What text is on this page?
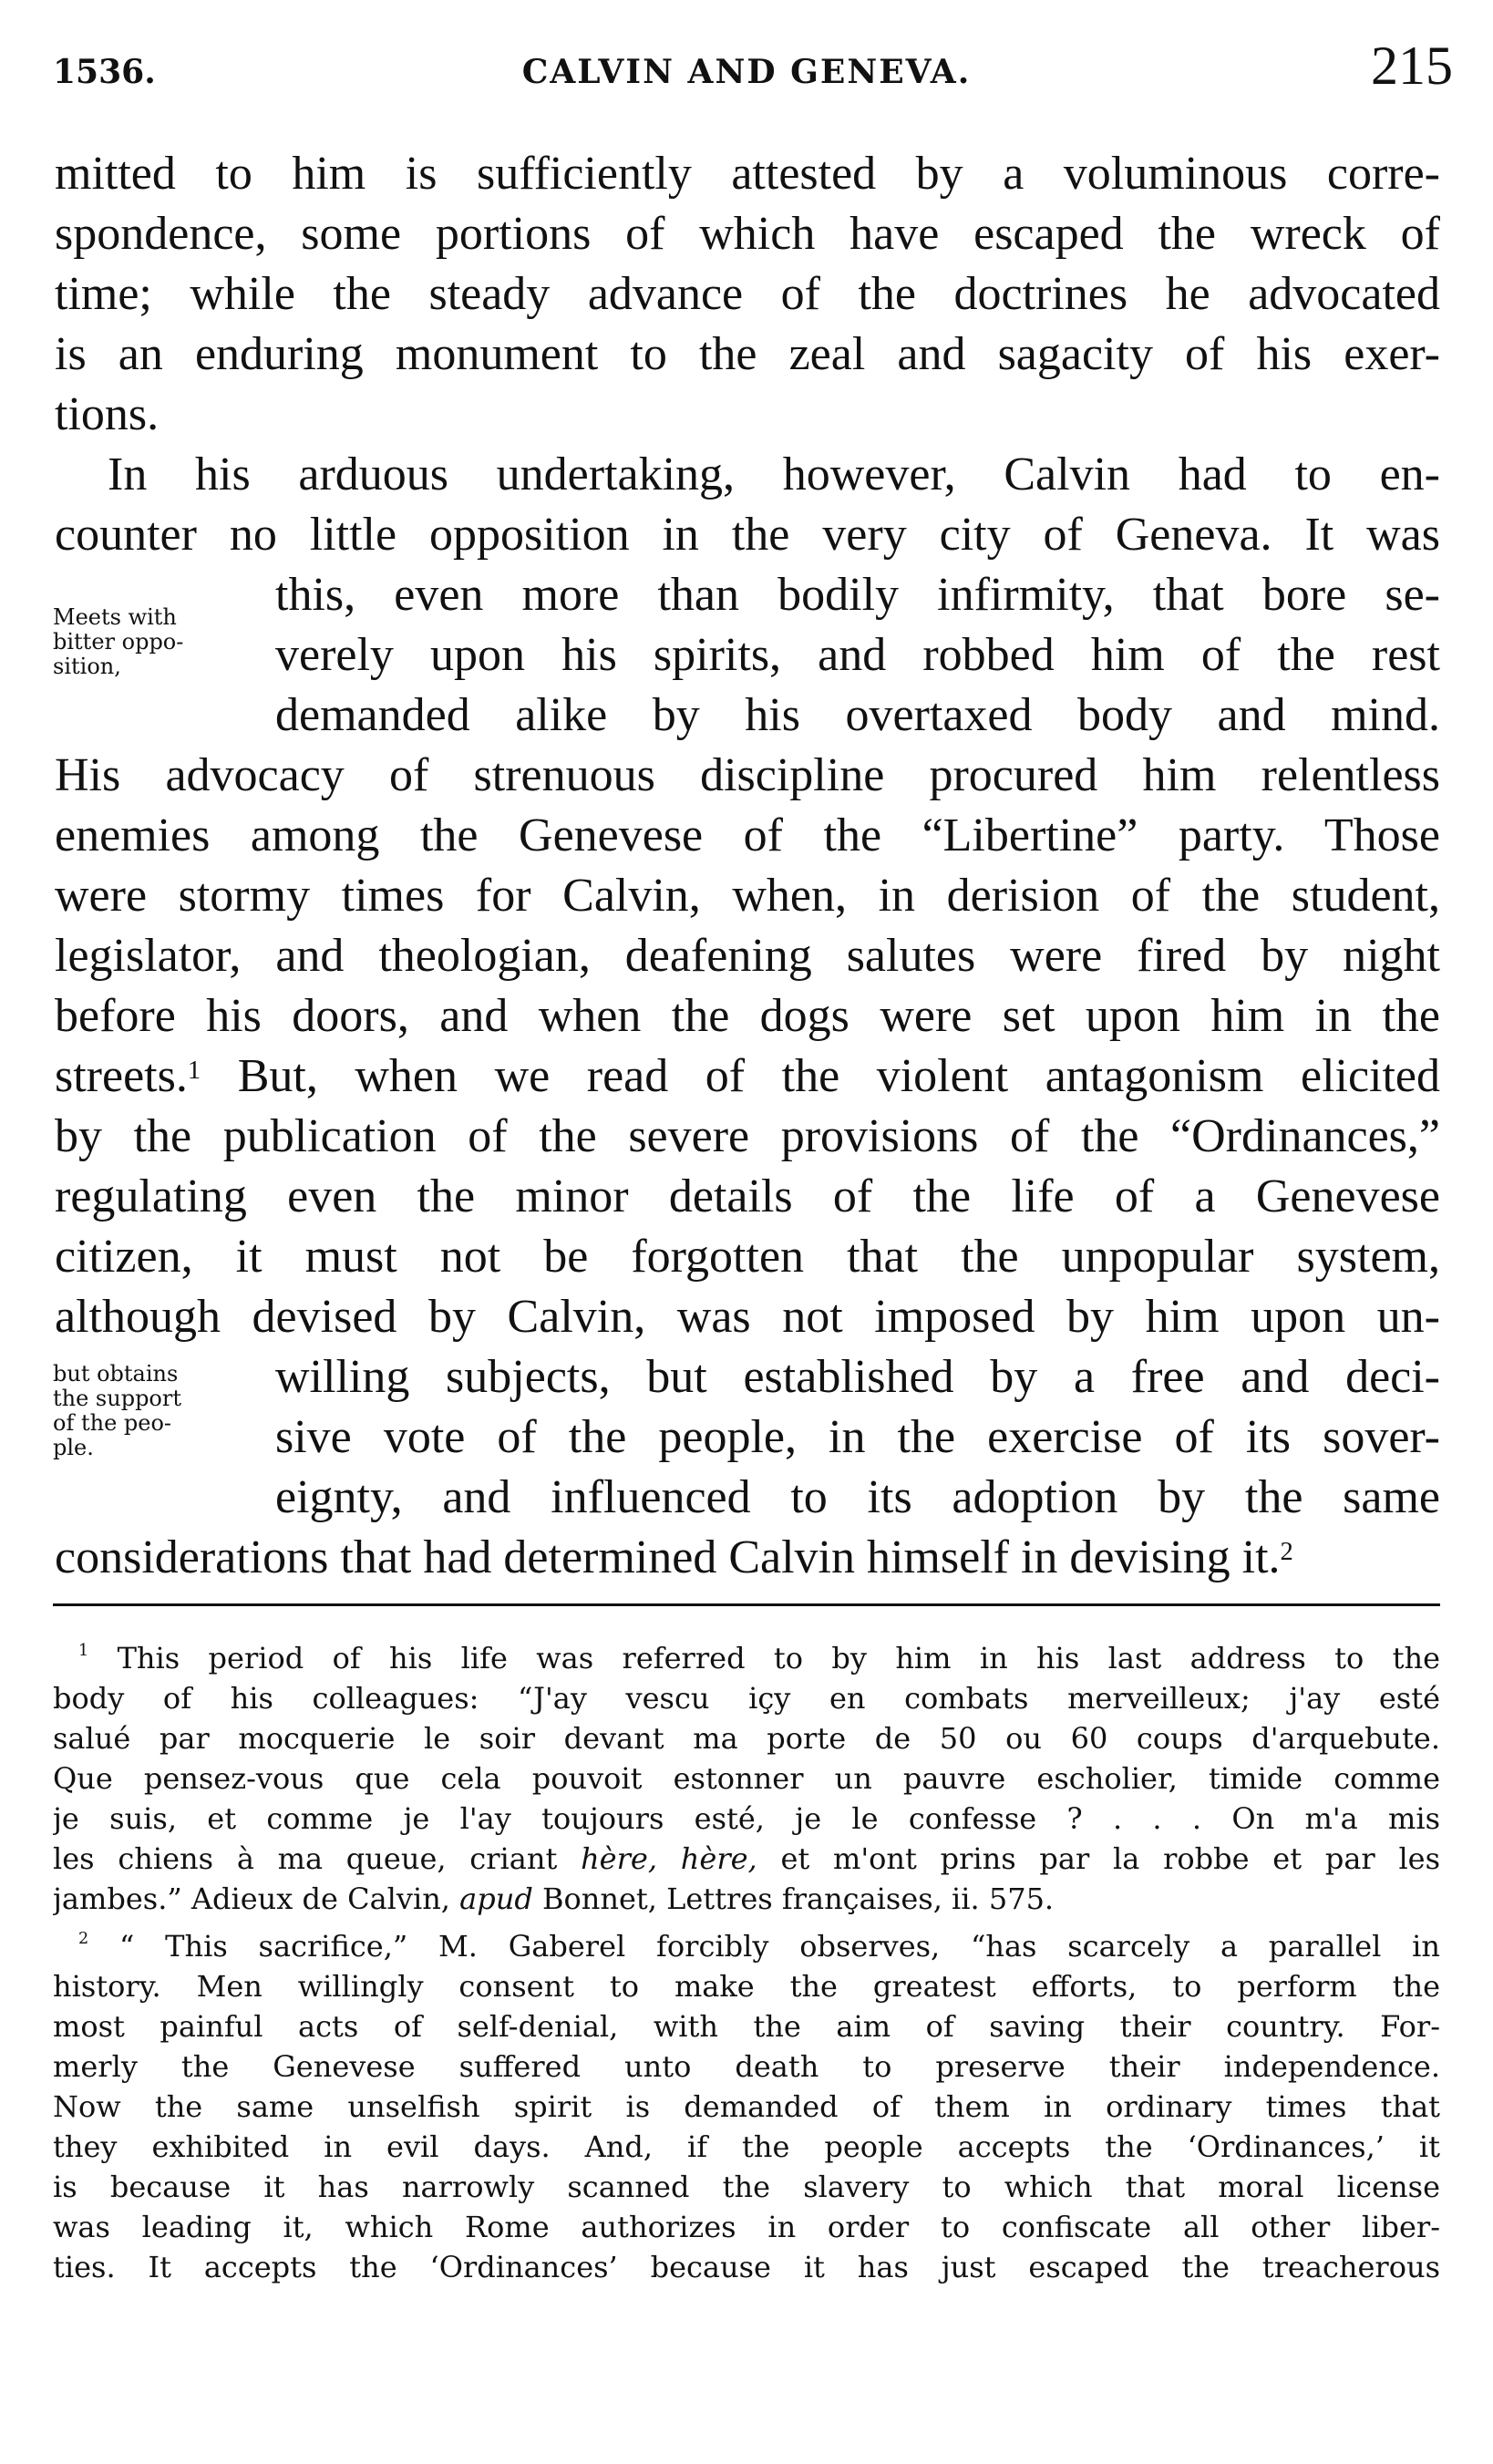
1536.	CALVIN AND GENEVA.	215
mitted to him is sufficiently attested by a voluminous corre-
spondence, some portions of which have escaped the wreck of
time; while the steady advance of the doctrines he advocated
is an enduring monument to the zeal and sagacity of his exer-
tions.
In his arduous undertaking, however, Calvin had to en-
counter no little opposition in the very city of Geneva. It was
this, even more than bodily infirmity, that bore se-
verely upon his spirits, and robbed him of the rest
demanded alike by his overtaxed body and mind.
His advocacy of strenuous discipline procured him relentless
enemies among the Genevese of the “Libertine” party. Those
were stormy times for Calvin, when, in derision of the student,
legislator, and theologian, deafening salutes were fired by night
before his doors, and when the dogs were set upon him in the
streets.$^1$ But, when we read of the violent antagonism elicited
by the publication of the severe provisions of the “Ordinances,”
regulating even the minor details of the life of a Genevese
citizen, it must not be forgotten that the unpopular system,
although devised by Calvin, was not imposed by him upon un-
willing subjects, but established by a free and deci-
sive vote of the people, in the exercise of its sover-
eignty, and influenced to its adoption by the same
considerations that had determined Calvin himself in devising it.$^2$
Meets with
bitter oppo-
sition,
but obtains
the support
of the peo-
ple.
$^1$ This period of his life was referred to by him in his last address to the
body of his colleagues: “J'ay vescu içy en combats merveilleux; j'ay esté
salué par mocquerie le soir devant ma porte de 50 ou 60 coups d'arquebute.
Que pensez-vous que cela pouvoit estonner un pauvre escholier, timide comme
je suis, et comme je l'ay toujours esté, je le confesse ? . . . On m'a mis
les chiens à ma queue, criant hère, hère, et m'ont prins par la robbe et par les
jambes.” Adieux de Calvin, apud Bonnet, Lettres françaises, ii. 575.
$^2$ “ This sacrifice,” M. Gaberel forcibly observes, “has scarcely a parallel in
history. Men willingly consent to make the greatest efforts, to perform the
most painful acts of self-denial, with the aim of saving their country. For-
merly the Genevese suffered unto death to preserve their independence.
Now the same unselfish spirit is demanded of them in ordinary times that
they exhibited in evil days. And, if the people accepts the ‘Ordinances,’ it
is because it has narrowly scanned the slavery to which that moral license
was leading it, which Rome authorizes in order to confiscate all other liber-
ties. It accepts the ‘Ordinances’ because it has just escaped the treacherous
